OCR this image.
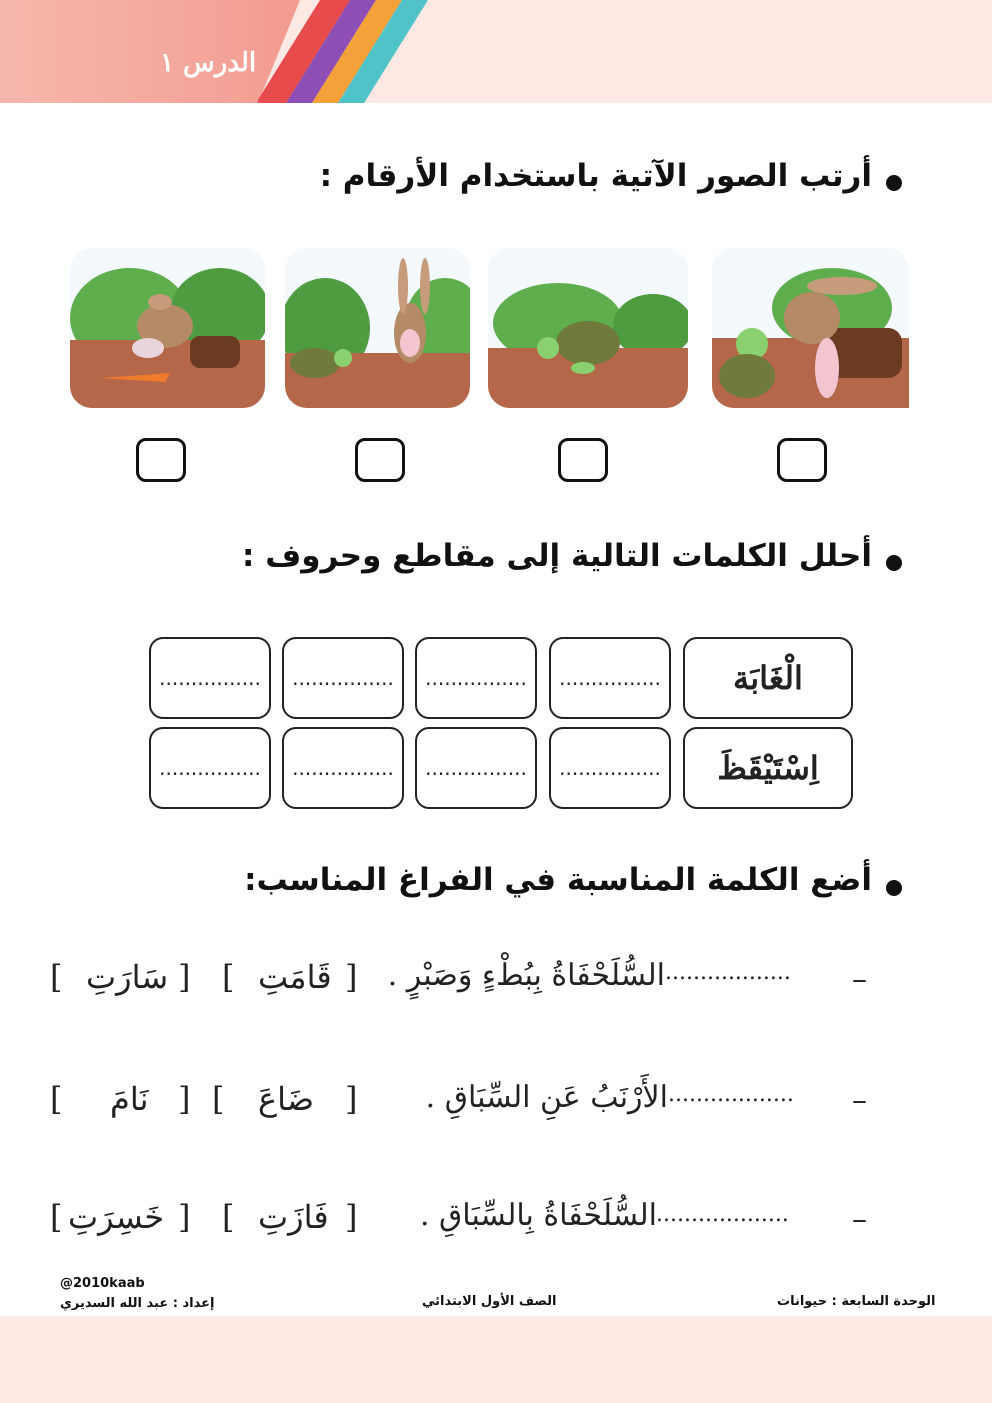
الدرس ١
أرتب الصور الآتية باستخدام الأرقام :
أحلل الكلمات التالية إلى مقاطع وحروف :
الْغَابَة
................
................
................
................
اِسْتَيْقَظَ
................
................
................
................
أضع الكلمة المناسبة في الفراغ المناسب:
–
..................
السُّلَحْفَاةُ بِبُطْءٍ وَصَبْرٍ .
]
قَامَتِ
[
]
سَارَتِ
[
–
..................
الأَرْنَبُ عَنِ السِّبَاقِ .
]
ضَاعَ
[
]
نَامَ
[
–
...................
السُّلَحْفَاةُ بِالسِّبَاقِ .
]
فَازَتِ
[
]
خَسِرَتِ
[
@2010kaab
إعداد : عبد الله السديري	الصف الأول الابتدائي	الوحدة السابعة : حيوانات
